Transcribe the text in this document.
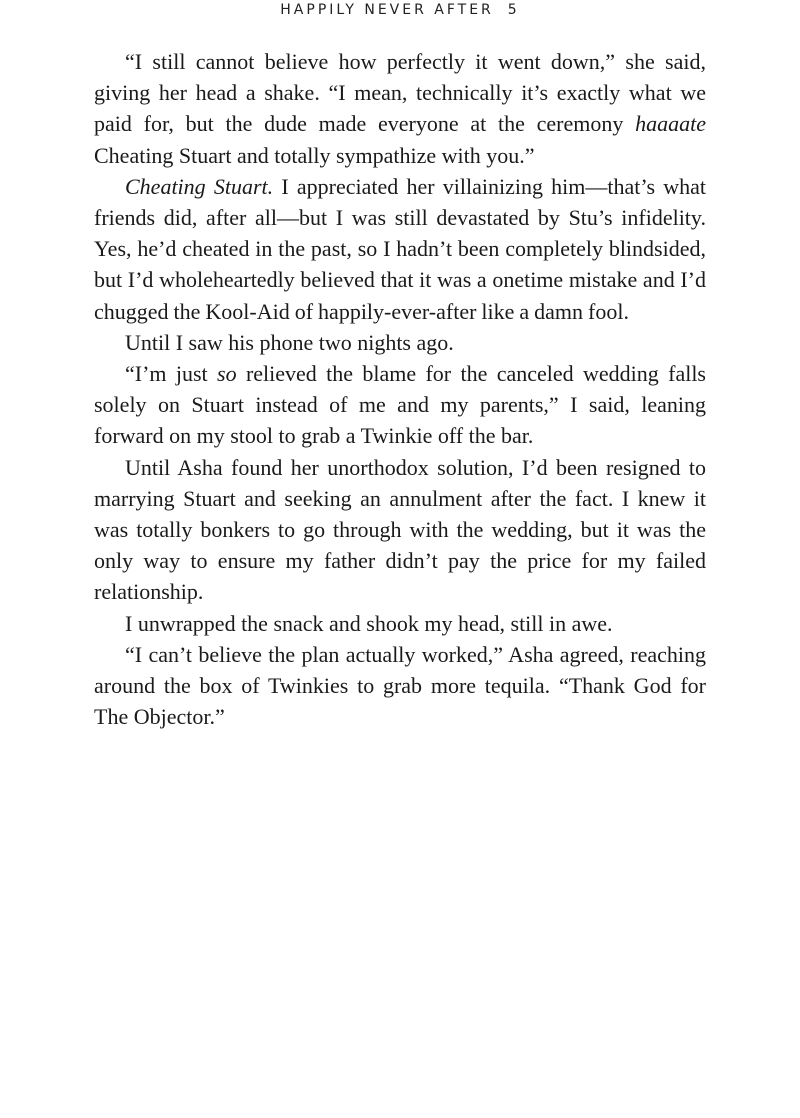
HAPPILY NEVER AFTER 5

“I still cannot believe how perfectly it went down,” she said, giving her head a shake. “I mean, technically it’s exactly what we paid for, but the dude made everyone at the ceremony haaaate Cheating Stuart and totally sympathize with you.”

Cheating Stuart. I appreciated her villainizing him—that’s what friends did, after all—but I was still devastated by Stu’s infidelity. Yes, he’d cheated in the past, so I hadn’t been completely blindsided, but I’d wholeheartedly believed that it was a onetime mistake and I’d chugged the Kool-Aid of happily-ever-after like a damn fool.

Until I saw his phone two nights ago.

“I’m just so relieved the blame for the canceled wedding falls solely on Stuart instead of me and my parents,” I said, leaning forward on my stool to grab a Twinkie off the bar.

Until Asha found her unorthodox solution, I’d been resigned to marrying Stuart and seeking an annulment after the fact. I knew it was totally bonkers to go through with the wedding, but it was the only way to ensure my father didn’t pay the price for my failed relationship.

I unwrapped the snack and shook my head, still in awe.

“I can’t believe the plan actually worked,” Asha agreed, reaching around the box of Twinkies to grab more tequila. “Thank God for The Objector.”
